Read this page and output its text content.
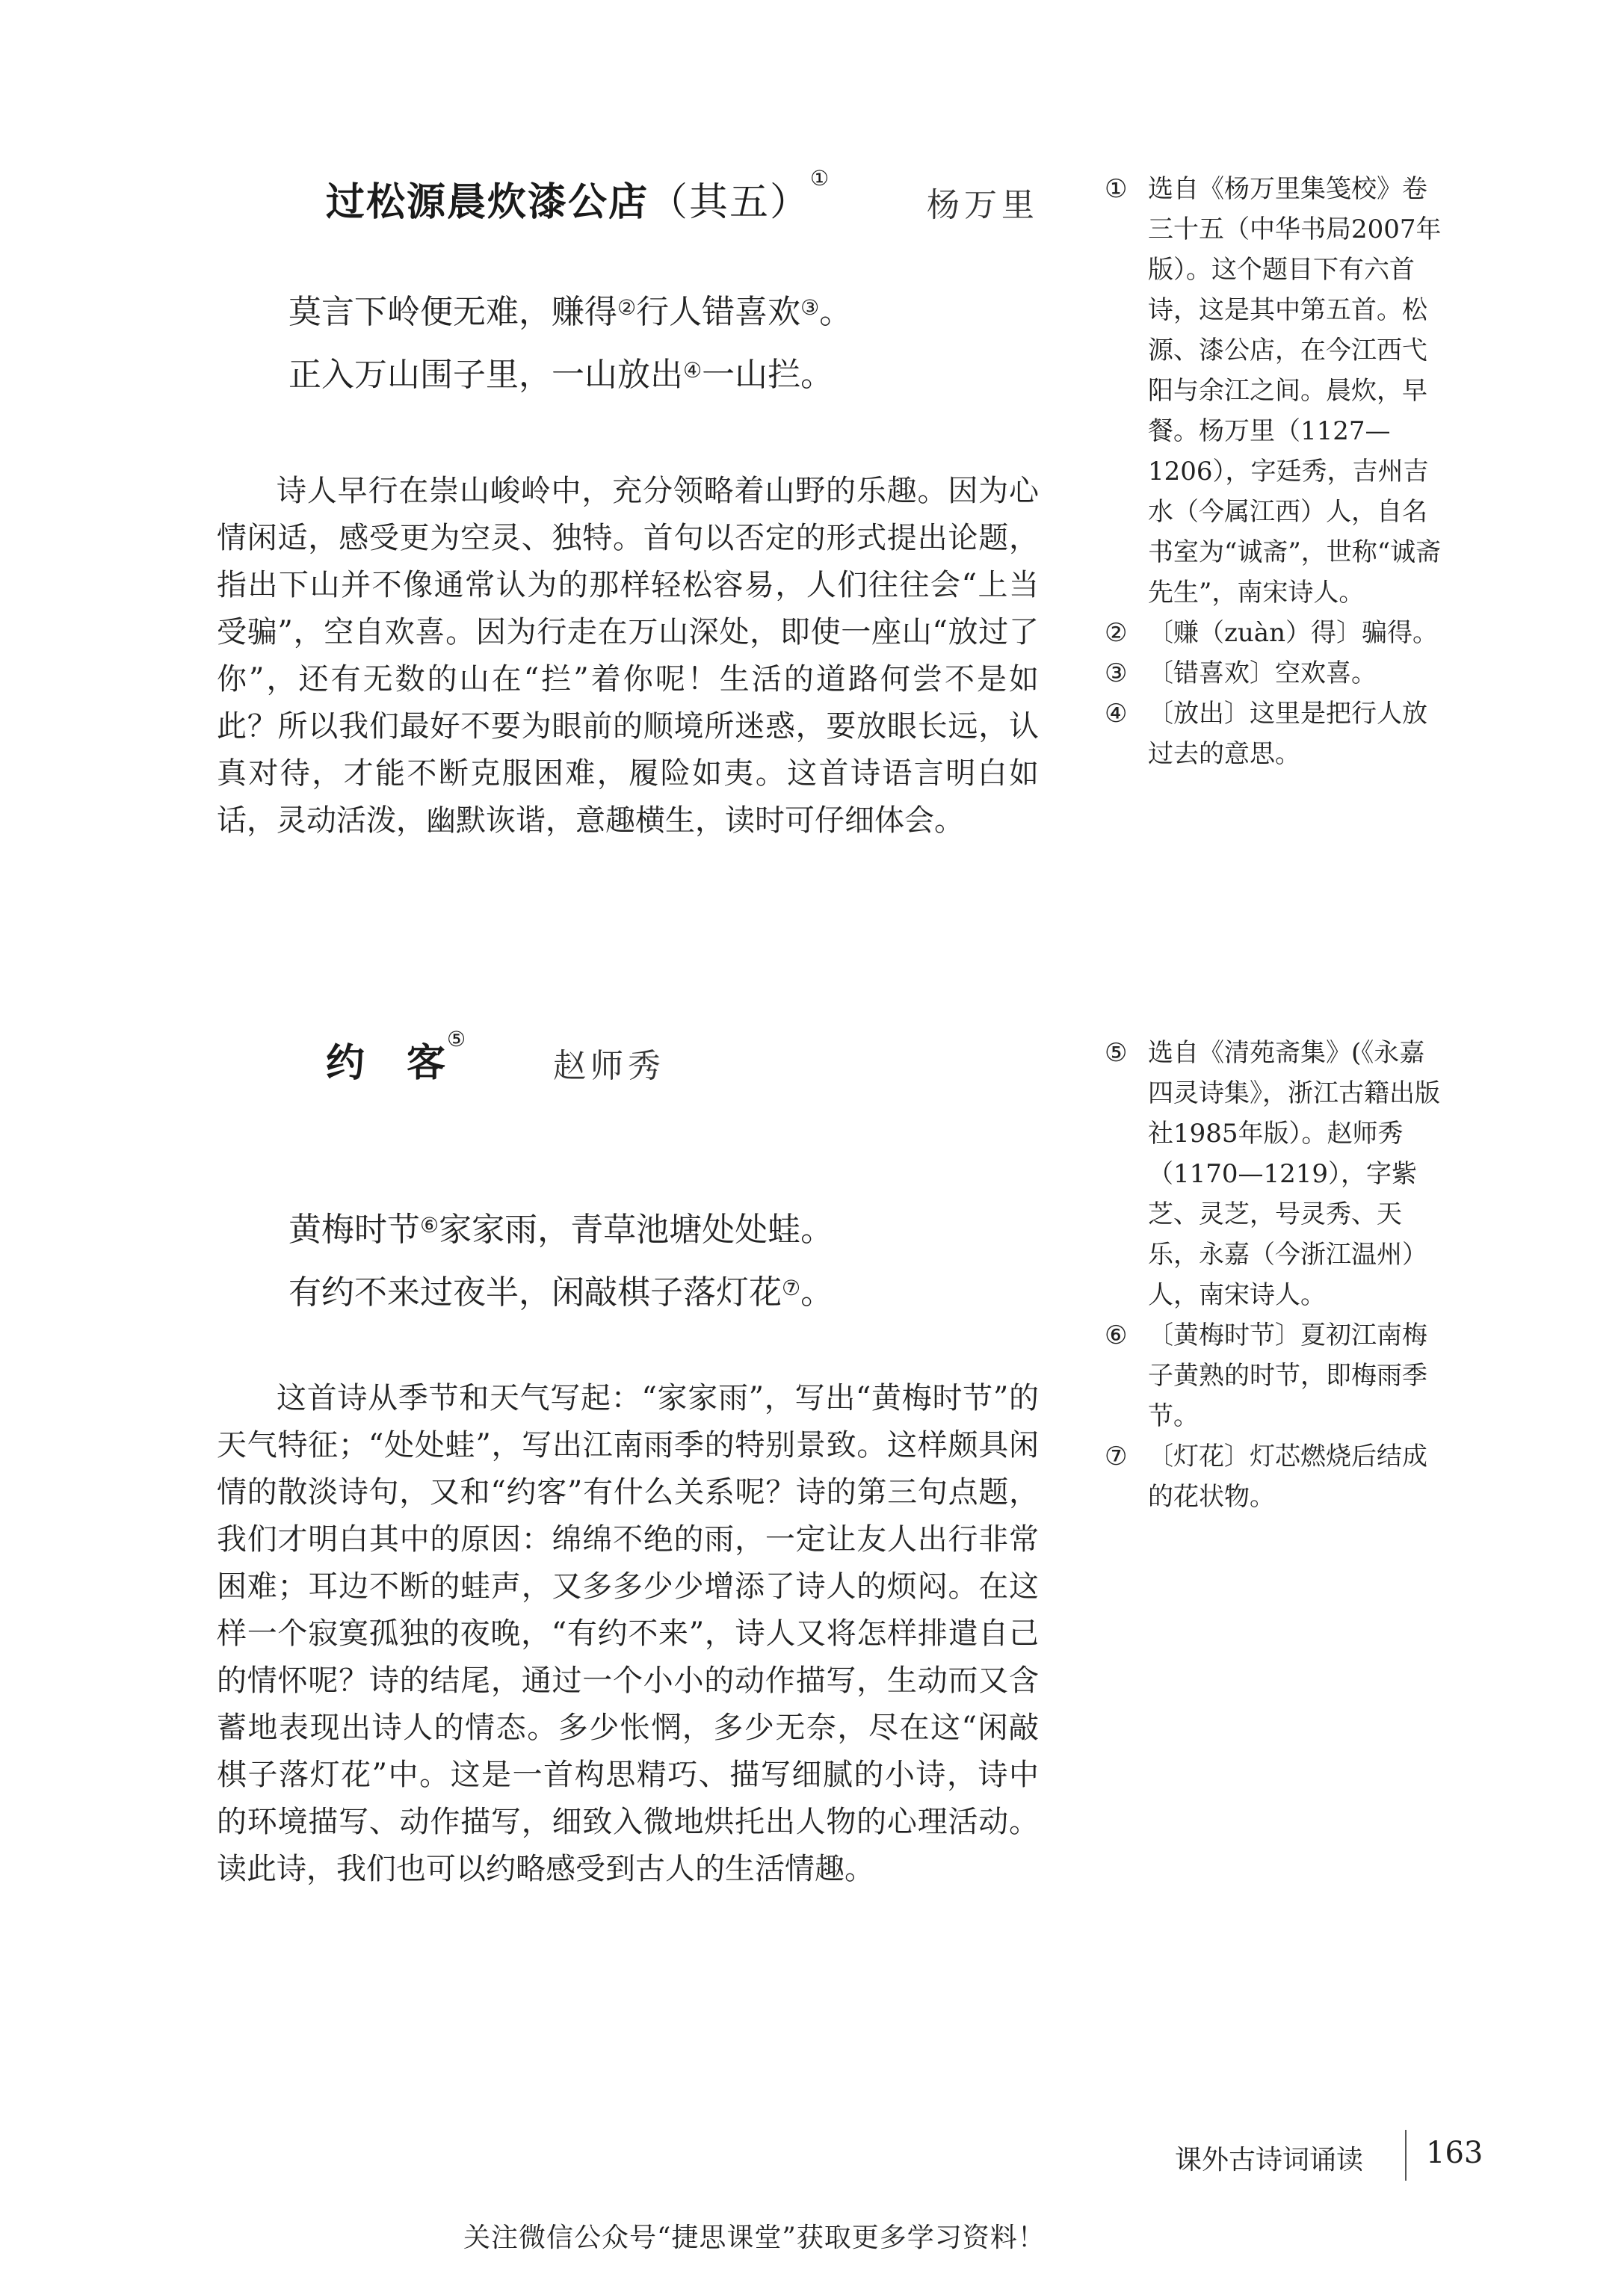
过松源晨炊漆公店（其五）①
杨万里
莫言下岭便无难，赚得②行人错喜欢③。
正入万山围子里，一山放出④一山拦。

诗人早行在崇山峻岭中，充分领略着山野的乐趣。因为心情闲适，感受更为空灵、独特。首句以否定的形式提出论题，指出下山并不像通常认为的那样轻松容易，人们往往会“上当受骗”，空自欢喜。因为行走在万山深处，即使一座山“放过了你”，还有无数的山在“拦”着你呢！生活的道路何尝不是如此？所以我们最好不要为眼前的顺境所迷惑，要放眼长远，认真对待，才能不断克服困难，履险如夷。这首诗语言明白如话，灵动活泼，幽默诙谐，意趣横生，读时可仔细体会。

① 选自《杨万里集笺校》卷三十五（中华书局2007年版）。这个题目下有六首诗，这是其中第五首。松源、漆公店，在今江西弋阳与余江之间。晨炊，早餐。杨万里（1127—1206），字廷秀，吉州吉水（今属江西）人，自名书室为“诚斋”，世称“诚斋先生”，南宋诗人。
② 〔赚（zuàn）得〕骗得。
③ 〔错喜欢〕空欢喜。
④ 〔放出〕这里是把行人放过去的意思。
约　客⑤
赵师秀
黄梅时节⑥家家雨，青草池塘处处蛙。
有约不来过夜半，闲敲棋子落灯花⑦。

这首诗从季节和天气写起：“家家雨”，写出“黄梅时节”的天气特征；“处处蛙”，写出江南雨季的特别景致。这样颇具闲情的散淡诗句，又和“约客”有什么关系呢？诗的第三句点题，我们才明白其中的原因：绵绵不绝的雨，一定让友人出行非常困难；耳边不断的蛙声，又多多少少增添了诗人的烦闷。在这样一个寂寞孤独的夜晚，“有约不来”，诗人又将怎样排遣自己的情怀呢？诗的结尾，通过一个小小的动作描写，生动而又含蓄地表现出诗人的情态。多少怅惘，多少无奈，尽在这“闲敲棋子落灯花”中。这是一首构思精巧、描写细腻的小诗，诗中的环境描写、动作描写，细致入微地烘托出人物的心理活动。读此诗，我们也可以约略感受到古人的生活情趣。

⑤ 选自《清苑斋集》(《永嘉四灵诗集》，浙江古籍出版社1985年版）。赵师秀（1170—1219），字紫芝、灵芝，号灵秀、天乐，永嘉（今浙江温州）人，南宋诗人。
⑥ 〔黄梅时节〕夏初江南梅子黄熟的时节，即梅雨季节。
⑦ 〔灯花〕灯芯燃烧后结成的花状物。
课外古诗词诵读 163
关注微信公众号“捷思课堂”获取更多学习资料！
